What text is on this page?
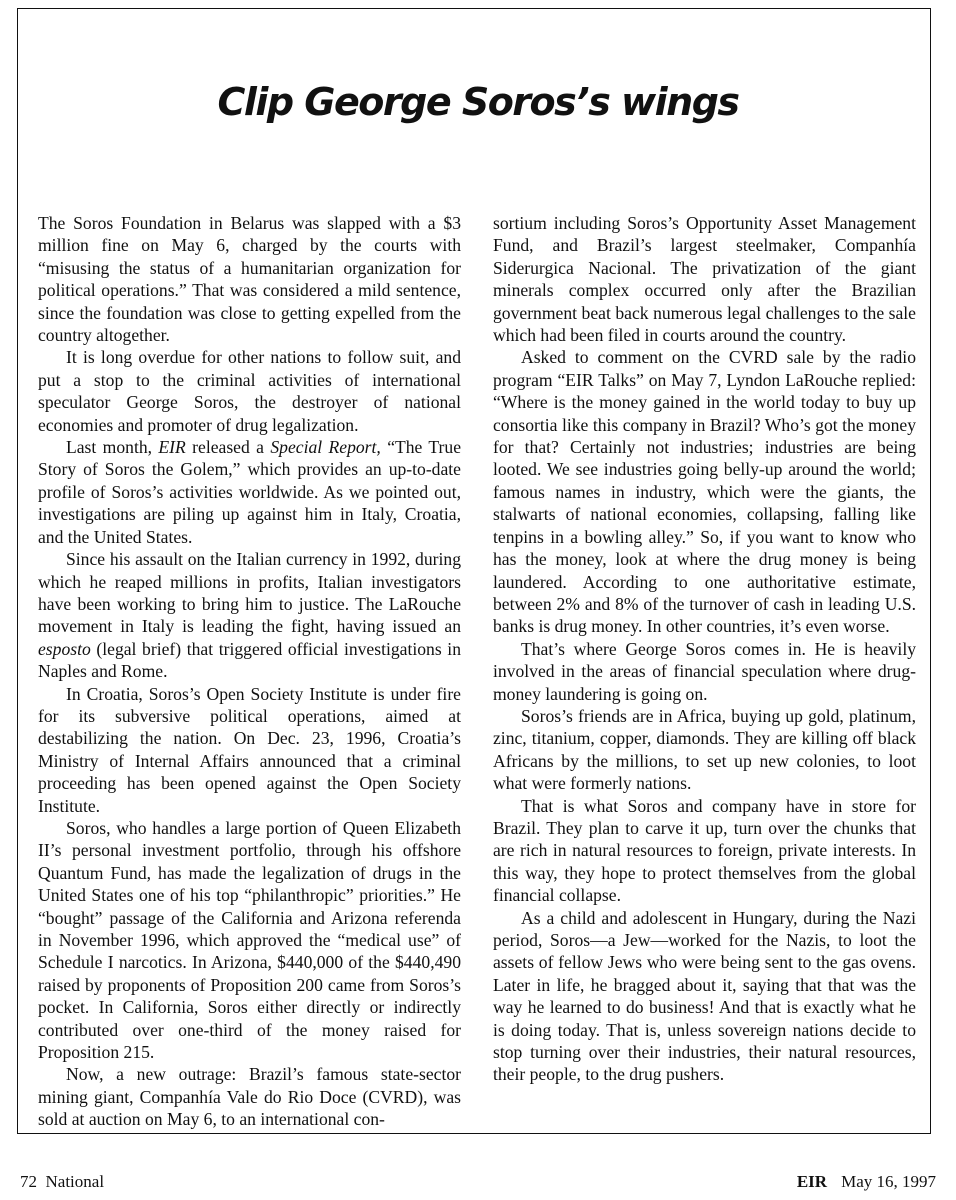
Clip George Soros’s wings

The Soros Foundation in Belarus was slapped with a $3 million fine on May 6, charged by the courts with “misusing the status of a humanitarian organization for political operations.” That was considered a mild sentence, since the foundation was close to getting expelled from the country altogether.

It is long overdue for other nations to follow suit, and put a stop to the criminal activities of international speculator George Soros, the destroyer of national economies and promoter of drug legalization.

Last month, EIR released a Special Report, “The True Story of Soros the Golem,” which provides an up-to-date profile of Soros’s activities worldwide. As we pointed out, investigations are piling up against him in Italy, Croatia, and the United States.

Since his assault on the Italian currency in 1992, during which he reaped millions in profits, Italian investigators have been working to bring him to justice. The LaRouche movement in Italy is leading the fight, having issued an esposto (legal brief) that triggered official investigations in Naples and Rome.

In Croatia, Soros’s Open Society Institute is under fire for its subversive political operations, aimed at destabilizing the nation. On Dec. 23, 1996, Croatia’s Ministry of Internal Affairs announced that a criminal proceeding has been opened against the Open Society Institute.

Soros, who handles a large portion of Queen Elizabeth II’s personal investment portfolio, through his offshore Quantum Fund, has made the legalization of drugs in the United States one of his top “philanthropic” priorities.” He “bought” passage of the California and Arizona referenda in November 1996, which approved the “medical use” of Schedule I narcotics. In Arizona, $440,000 of the $440,490 raised by proponents of Proposition 200 came from Soros’s pocket. In California, Soros either directly or indirectly contributed over one-third of the money raised for Proposition 215.

Now, a new outrage: Brazil’s famous state-sector mining giant, Companhía Vale do Rio Doce (CVRD), was sold at auction on May 6, to an international con-

sortium including Soros’s Opportunity Asset Management Fund, and Brazil’s largest steelmaker, Companhía Siderurgica Nacional. The privatization of the giant minerals complex occurred only after the Brazilian government beat back numerous legal challenges to the sale which had been filed in courts around the country.

Asked to comment on the CVRD sale by the radio program “EIR Talks” on May 7, Lyndon LaRouche replied: “Where is the money gained in the world today to buy up consortia like this company in Brazil? Who’s got the money for that? Certainly not industries; industries are being looted. We see industries going belly-up around the world; famous names in industry, which were the giants, the stalwarts of national economies, collapsing, falling like tenpins in a bowling alley.” So, if you want to know who has the money, look at where the drug money is being laundered. According to one authoritative estimate, between 2% and 8% of the turnover of cash in leading U.S. banks is drug money. In other countries, it’s even worse.

That’s where George Soros comes in. He is heavily involved in the areas of financial speculation where drug-money laundering is going on.

Soros’s friends are in Africa, buying up gold, platinum, zinc, titanium, copper, diamonds. They are killing off black Africans by the millions, to set up new colonies, to loot what were formerly nations.

That is what Soros and company have in store for Brazil. They plan to carve it up, turn over the chunks that are rich in natural resources to foreign, private interests. In this way, they hope to protect themselves from the global financial collapse.

As a child and adolescent in Hungary, during the Nazi period, Soros—a Jew—worked for the Nazis, to loot the assets of fellow Jews who were being sent to the gas ovens. Later in life, he bragged about it, saying that that was the way he learned to do business! And that is exactly what he is doing today. That is, unless sovereign nations decide to stop turning over their industries, their natural resources, their people, to the drug pushers.

72 National	EIR May 16, 1997
